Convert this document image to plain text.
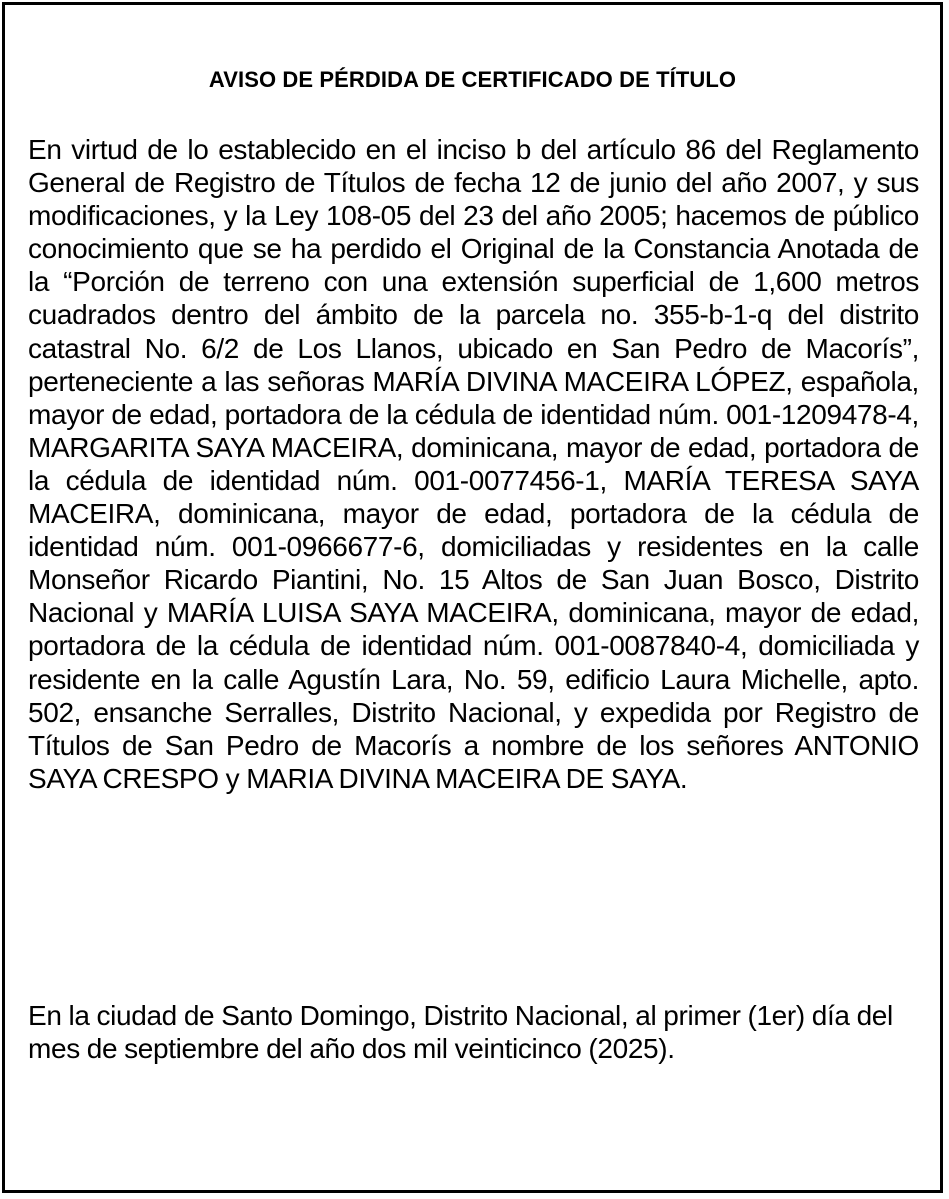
AVISO DE PÉRDIDA DE CERTIFICADO DE TÍTULO

En virtud de lo establecido en el inciso b del artículo 86 del Reglamento General de Registro de Títulos de fecha 12 de junio del año 2007, y sus modificaciones, y la Ley 108-05 del 23 del año 2005; hacemos de público conocimiento que se ha perdido el Original de la Constancia Anotada de la “Porción de terreno con una extensión superficial de 1,600 metros cuadrados dentro del ámbito de la parcela no. 355-b-1-q del distrito catastral No. 6/2 de Los Llanos, ubicado en San Pedro de Macorís”, perteneciente a las señoras MARÍA DIVINA MACEIRA LÓPEZ, española, mayor de edad, portadora de la cédula de identidad núm. 001-1209478-4, MARGARITA SAYA MACEIRA, dominicana, mayor de edad, portadora de la cédula de identidad núm. 001-0077456-1, MARÍA TERESA SAYA MACEIRA, dominicana, mayor de edad, portadora de la cédula de identidad núm. 001-0966677-6, domiciliadas y residentes en la calle Monseñor Ricardo Piantini, No. 15 Altos de San Juan Bosco, Distrito Nacional y MARÍA LUISA SAYA MACEIRA, dominicana, mayor de edad, portadora de la cédula de identidad núm. 001-0087840-4, domiciliada y residente en la calle Agustín Lara, No. 59, edificio Laura Michelle, apto. 502, ensanche Serralles, Distrito Nacional, y expedida por Registro de Títulos de San Pedro de Macorís a nombre de los señores ANTONIO SAYA CRESPO y MARIA DIVINA MACEIRA DE SAYA.

En la ciudad de Santo Domingo, Distrito Nacional, al primer (1er) día del mes de septiembre del año dos mil veinticinco (2025).
